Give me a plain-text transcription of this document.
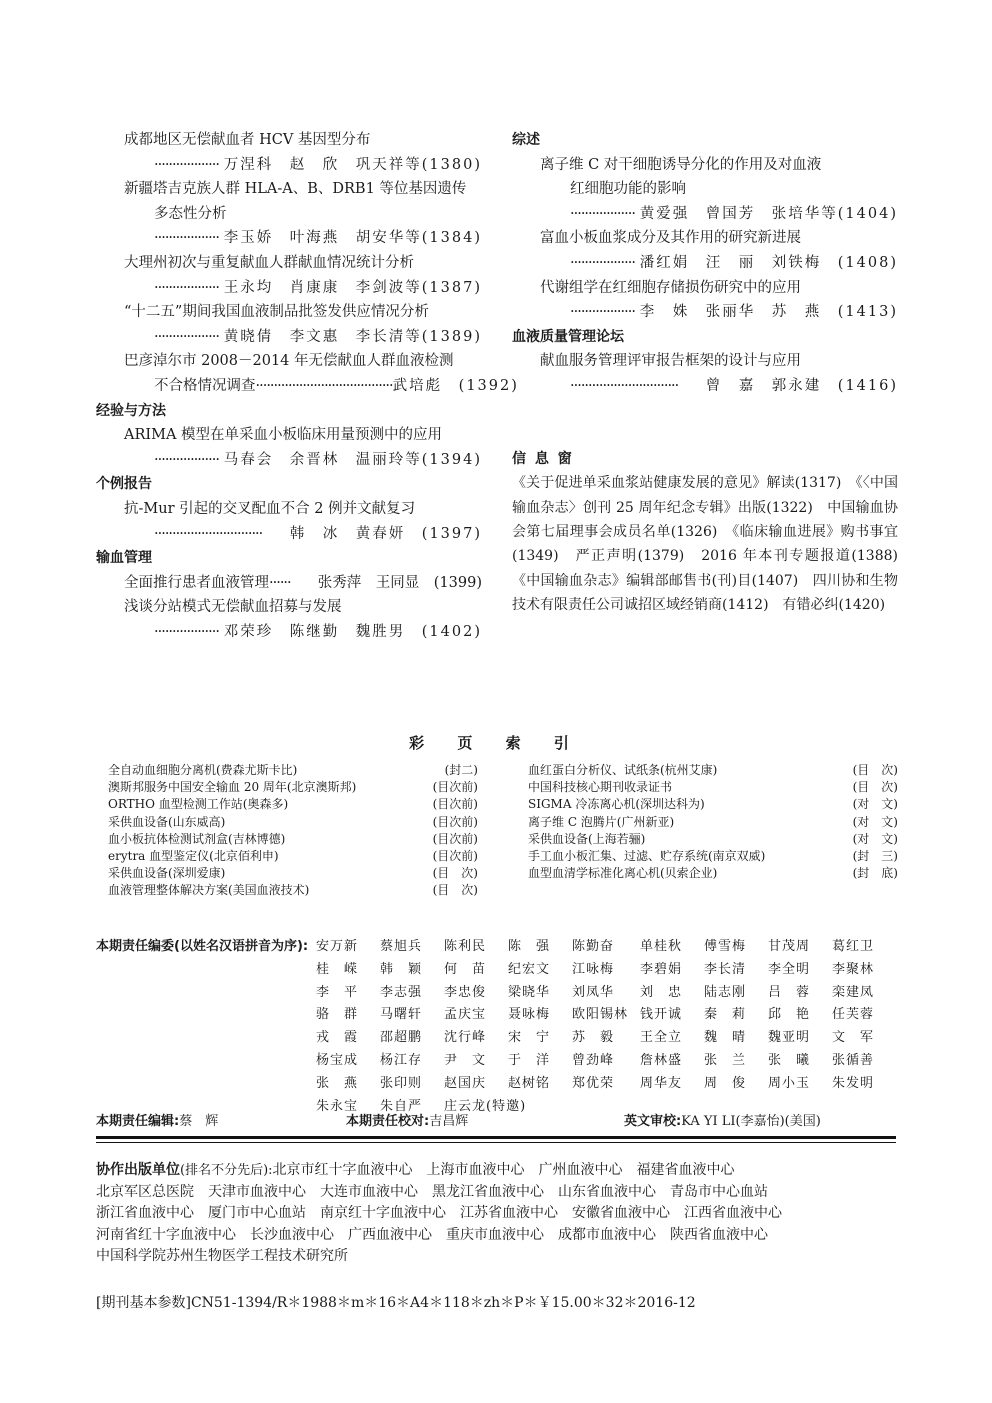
成都地区无偿献血者 HCV 基因型分布
·················· 万涅科　赵　欣　巩天祥等(1380)
新疆塔吉克族人群 HLA-A、B、DRB1 等位基因遗传
多态性分析
·················· 李玉娇　叶海燕　胡安华等(1384)
大理州初次与重复献血人群献血情况统计分析
·················· 王永均　肖康康　李剑波等(1387)
“十二五”期间我国血液制品批签发供应情况分析
·················· 黄晓倩　李文惠　李长清等(1389)
巴彦淖尔市 2008－2014 年无偿献血人群血液检测
不合格情况调查 ······································ 武培彪　(1392)
经验与方法
ARIMA 模型在单采血小板临床用量预测中的应用
·················· 马春会　余晋林　温丽玲等(1394)
个例报告
抗-Mur 引起的交叉配血不合 2 例并文献复习
······························	韩　冰　黄春妍　(1397)
输血管理
全面推行患者血液管理 ······	张秀萍　王同显　(1399)
浅谈分站模式无偿献血招募与发展
·················· 邓荣珍　陈继勤　魏胜男　(1402)
综述
离子维 C 对干细胞诱导分化的作用及对血液
红细胞功能的影响
·················· 黄爱强　曾国芳　张培华等(1404)
富血小板血浆成分及其作用的研究新进展
·················· 潘红娟　汪　丽　刘铁梅　(1408)
代谢组学在红细胞存储损伤研究中的应用
·················· 李　姝　张丽华　苏　燕　(1413)
血液质量管理论坛
献血服务管理评审报告框架的设计与应用
······························	曾　嘉　郭永建　(1416)
信 息 窗
《关于促进单采血浆站健康发展的意见》解读(1317)　《〈中国输血杂志〉创刊 25 周年纪念专辑》出版(1322)　中国输血协会第七届理事会成员名单(1326)　《临床输血进展》购书事宜(1349)　严正声明(1379)　2016 年本刊专题报道(1388)　《中国输血杂志》编辑部邮售书(刊)目(1407)　四川协和生物技术有限责任公司诚招区域经销商(1412)　有错必纠(1420)
彩 页 索 引
全自动血细胞分离机(费森尤斯卡比)	(封二)
澳斯邦服务中国安全输血 20 周年(北京澳斯邦)	(目次前)
ORTHO 血型检测工作站(奥森多)	(目次前)
采供血设备(山东威高)	(目次前)
血小板抗体检测试剂盒(吉林博德)	(目次前)
erytra 血型鉴定仪(北京佰利申)	(目次前)
采供血设备(深圳爱康)	(目　次)
血液管理整体解决方案(美国血液技术)	(目　次)
血红蛋白分析仪、试纸条(杭州艾康)	(目　次)
中国科技核心期刊收录证书	(目　次)
SIGMA 冷冻离心机(深圳达科为)	(对　文)
离子维 C 泡腾片(广州新亚)	(对　文)
采供血设备(上海若骊)	(对　文)
手工血小板汇集、过滤、贮存系统(南京双威)	(封　三)
血型血清学标准化离心机(贝索企业)	(封　底)
本期责任编委(以姓名汉语拼音为序): 安万新	蔡旭兵	陈利民	陈　强	陈勤奋	单桂秋	傅雪梅	甘茂周	葛红卫
桂　嵘	韩　颖	何　苗	纪宏文	江咏梅	李碧娟	李长清	李全明	李聚林
李　平	李志强	李忠俊	梁晓华	刘凤华	刘　忠	陆志刚	吕　蓉	栾建凤
骆　群	马曙轩	孟庆宝	聂咏梅	欧阳锡林 钱开诚	秦　莉	邱　艳	任芙蓉
戎　霞	邵超鹏	沈行峰	宋　宁	苏　毅	王全立	魏　晴	魏亚明	文　军
杨宝成	杨江存	尹　文	于　洋	曾劲峰	詹林盛	张　兰	张　曦	张循善
张　燕	张印则	赵国庆	赵树铭	郑优荣	周华友	周　俊	周小玉	朱发明
朱永宝	朱自严	庄云龙(特邀)
本期责任编辑:蔡　辉	本期责任校对:吉昌辉	英文审校:KA YI LI(李嘉怡)(美国)
协作出版单位(排名不分先后):北京市红十字血液中心　上海市血液中心　广州血液中心　福建省血液中心
北京军区总医院　天津市血液中心　大连市血液中心　黑龙江省血液中心　山东省血液中心　青岛市中心血站
浙江省血液中心　厦门市中心血站　南京红十字血液中心　江苏省血液中心　安徽省血液中心　江西省血液中心
河南省红十字血液中心　长沙血液中心　广西血液中心　重庆市血液中心　成都市血液中心　陕西省血液中心
中国科学院苏州生物医学工程技术研究所
[期刊基本参数]CN51-1394/R＊1988＊m＊16＊A4＊118＊zh＊P＊￥15.00＊32＊2016-12
